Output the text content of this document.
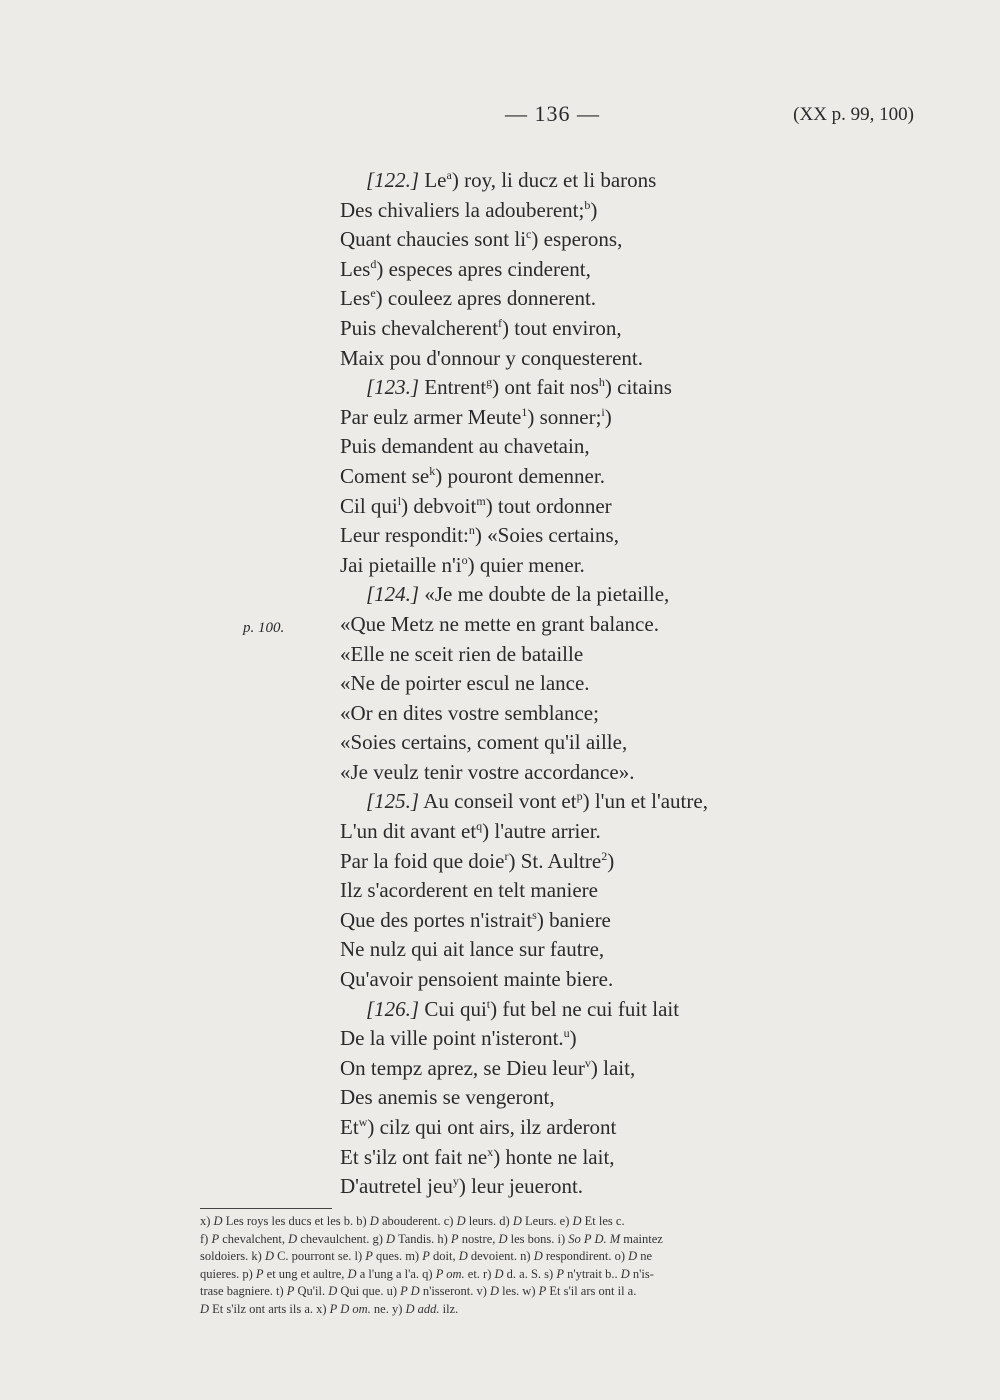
— 136 —	(XX p. 99, 100)
p. 100.
[122.] Le$^a$) roy, li ducz et li barons
Des chivaliers la adouberent;$^b$)
Quant chaucies sont $li^c$) esperons,
Les$^d$) especes apres cinderent,
Les$^e$) couleez apres donnerent.
Puis chevalcherent$^f$) tout environ,
Maix pou d'onnour y conquesterent.
[123.] Entrent$^g$) ont fait nos$^h$) citains
Par eulz armer Meute$^1$) sonner;$^i$)
Puis demandent au chavetain,
Coment $se^k$) pouront demenner.
Cil qui$^l$) debvoit$^m$) tout ordonner
Leur respondit:$^n$) «Soies certains,
Jai pietaille $n'i^o$) quier mener.
[124.] «Je me doubte de la pietaille,
«Que Metz ne mette en grant balance.
«Elle ne sceit rien de bataille
«Ne de poirter escul ne lance.
«Or en dites vostre semblance;
«Soies certains, coment qu'il aille,
«Je veulz tenir vostre accordance».
[125.] Au conseil vont $et^p$) l'un et l'autre,
L'un dit avant $et^q$) l'autre arrier.
Par la foid que doie$^r$) St. Aultre$^2$)
Ilz s'acorderent en telt maniere
Que des portes n'istrait$^s$) baniere
Ne nulz qui ait lance sur fautre,
Qu'avoir pensoient mainte biere.
[126.] Cui qui$^t$) fut bel ne cui fuit lait
De la ville point n'isteront.$^u$)
On tempz aprez, se Dieu leur$^v$) lait,
Des anemis se vengeront,
Et$^w$) cilz qui ont airs, ilz arderont
Et s'ilz ont fait $ne^x$) honte ne lait,
D'autretel jeu$^y$) leur jeueront.
x) D Les roys les ducs et les b. b) D abouderent. c) D leurs. d) D Leurs. e) D Et les c.
f) P chevalchent, D chevaulchent. g) D Tandis. h) P nostre, D les bons. i) So P D. M maintez
soldoiers. k) D C. pourront se. l) P ques. m) P doit, D devoient. n) D respondirent. o) D ne
quieres. p) P et ung et aultre, D a l'ung a l'a. q) P om. et. r) D d. a. S. s) P n'ytrait b.. D n'is-
trase bagniere. t) P Qu'il. D Qui que. u) P D n'isseront. v) D les. w) P Et s'il ars ont il a.
D Et s'ilz ont arts ils a. x) P D om. ne. y) D add. ilz.
